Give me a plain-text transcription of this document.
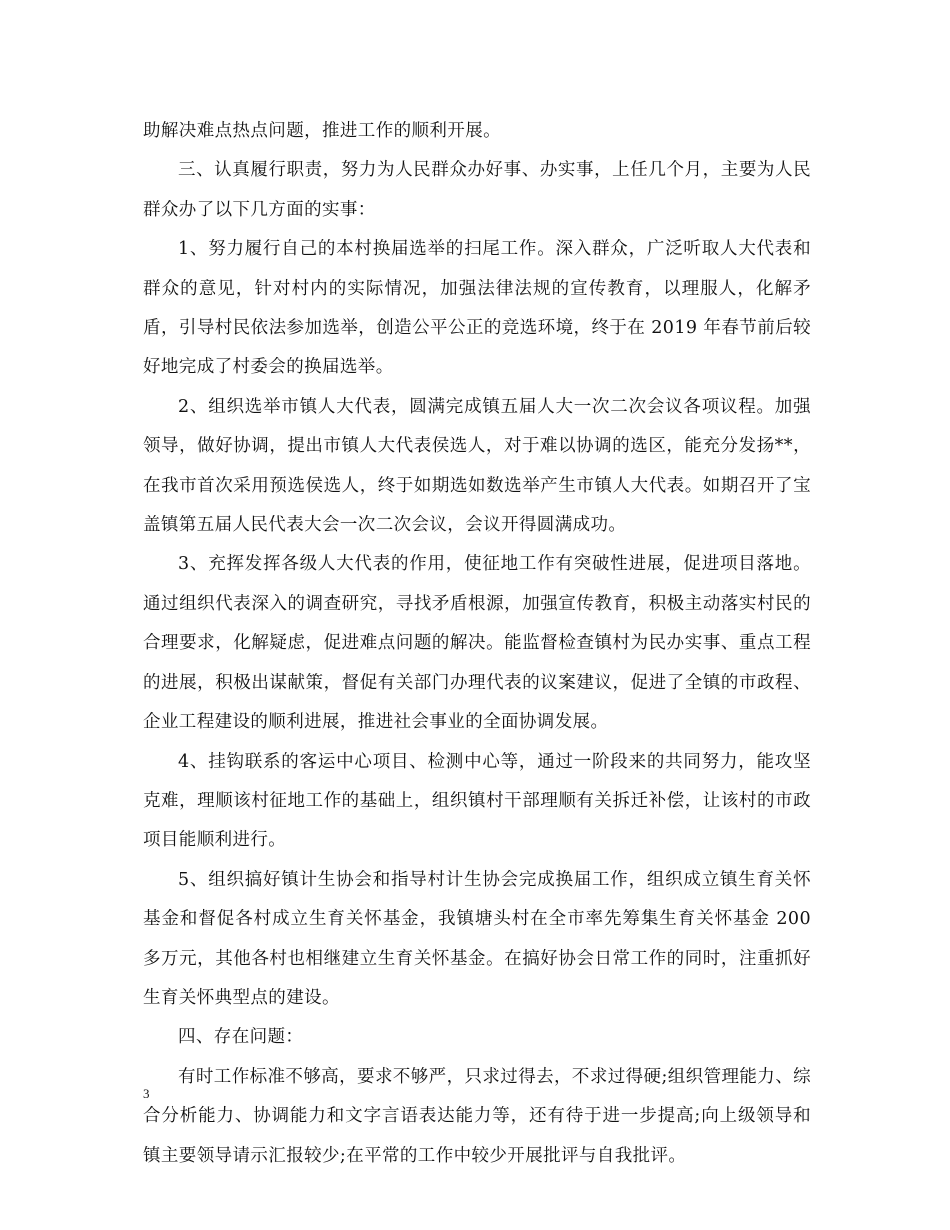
助解决难点热点问题，推进工作的顺利开展。

三、认真履行职责，努力为人民群众办好事、办实事，上任几个月，主要为人民群众办了以下几方面的实事：

1、努力履行自己的本村换届选举的扫尾工作。深入群众，广泛听取人大代表和群众的意见，针对村内的实际情况，加强法律法规的宣传教育，以理服人，化解矛盾，引导村民依法参加选举，创造公平公正的竞选环境，终于在 2019 年春节前后较好地完成了村委会的换届选举。

2、组织选举市镇人大代表，圆满完成镇五届人大一次二次会议各项议程。加强领导，做好协调，提出市镇人大代表侯选人，对于难以协调的选区，能充分发扬**，在我市首次采用预选侯选人，终于如期选如数选举产生市镇人大代表。如期召开了宝盖镇第五届人民代表大会一次二次会议，会议开得圆满成功。

3、充挥发挥各级人大代表的作用，使征地工作有突破性进展，促进项目落地。通过组织代表深入的调查研究，寻找矛盾根源，加强宣传教育，积极主动落实村民的合理要求，化解疑虑，促进难点问题的解决。能监督检查镇村为民办实事、重点工程的进展，积极出谋献策，督促有关部门办理代表的议案建议，促进了全镇的市政程、企业工程建设的顺利进展，推进社会事业的全面协调发展。

4、挂钩联系的客运中心项目、检测中心等，通过一阶段来的共同努力，能攻坚克难，理顺该村征地工作的基础上，组织镇村干部理顺有关拆迁补偿，让该村的市政项目能顺利进行。

5、组织搞好镇计生协会和指导村计生协会完成换届工作，组织成立镇生育关怀基金和督促各村成立生育关怀基金，我镇塘头村在全市率先筹集生育关怀基金 200 多万元，其他各村也相继建立生育关怀基金。在搞好协会日常工作的同时，注重抓好生育关怀典型点的建设。

四、存在问题：

有时工作标准不够高，要求不够严，只求过得去，不求过得硬;组织管理能力、综合分析能力、协调能力和文字言语表达能力等，还有待于进一步提高;向上级领导和镇主要领导请示汇报较少;在平常的工作中较少开展批评与自我批评。

3
